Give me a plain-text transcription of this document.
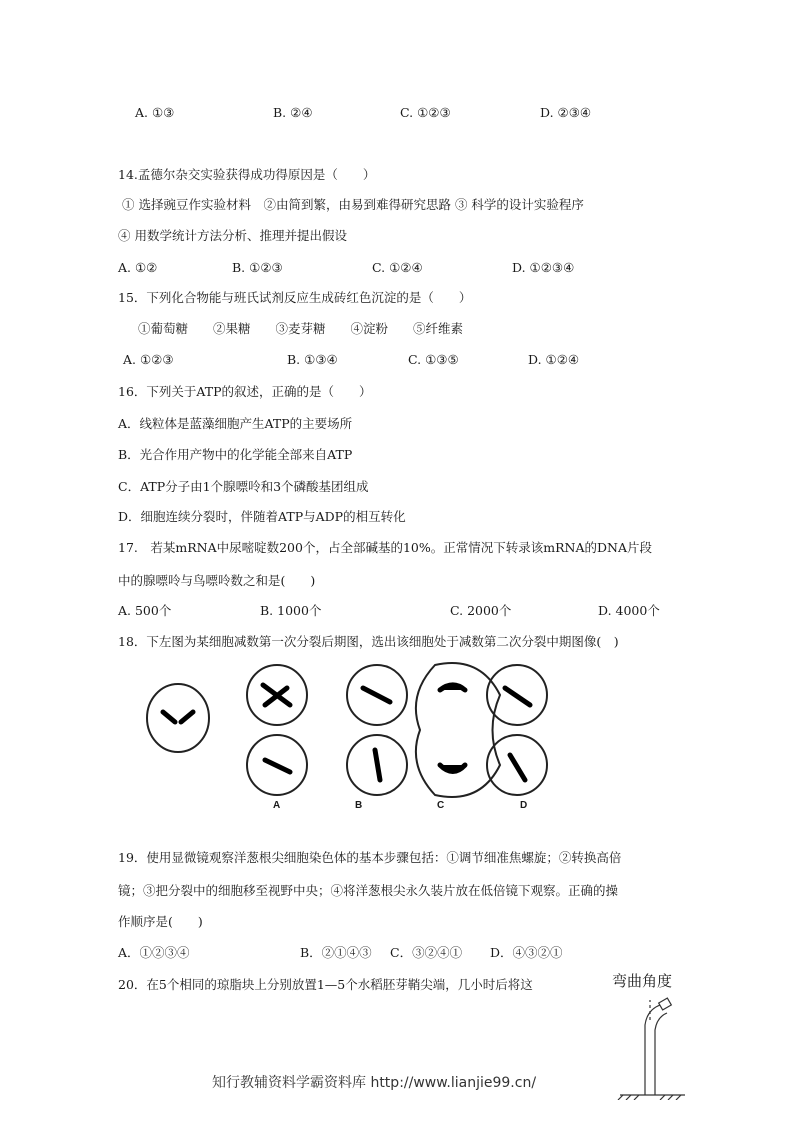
A. ①③	B. ②④	C. ①②③	D. ②③④
14.孟德尔杂交实验获得成功得原因是（　　）
① 选择豌豆作实验材料　②由简到繁，由易到难得研究思路 ③ 科学的设计实验程序
④ 用数学统计方法分析、推理并提出假设
A. ①②	B. ①②③	C. ①②④	D. ①②③④
15．下列化合物能与班氏试剂反应生成砖红色沉淀的是（　　）
①葡萄糖　　②果糖　　③麦芽糖　　④淀粉　　⑤纤维素
A. ①②③	B. ①③④	C. ①③⑤	D. ①②④
16．下列关于ATP的叙述，正确的是（　　）
A．线粒体是蓝藻细胞产生ATP的主要场所
B．光合作用产物中的化学能全部来自ATP
C．ATP分子由1个腺嘌呤和3个磷酸基团组成
D．细胞连续分裂时，伴随着ATP与ADP的相互转化
17.　若某mRNA中尿嘧啶数200个，占全部碱基的10%。正常情况下转录该mRNA的DNA片段
中的腺嘌呤与鸟嘌呤数之和是(　　)
A. 500个	B. 1000个	C. 2000个	D. 4000个
18．下左图为某细胞减数第一次分裂后期图，选出该细胞处于减数第二次分裂中期图像(　)
A	B	C	D
19．使用显微镜观察洋葱根尖细胞染色体的基本步骤包括：①调节细准焦螺旋；②转换高倍
镜；③把分裂中的细胞移至视野中央；④将洋葱根尖永久装片放在低倍镜下观察。正确的操
作顺序是(　　)
A．①②③④	B．②①④③ C．③②④① D．④③②①
20．在5个相同的琼脂块上分别放置1—5个水稻胚芽鞘尖端，几小时后将这	弯曲角度
知行教辅资料学霸资料库 http://www.lianjie99.cn/
